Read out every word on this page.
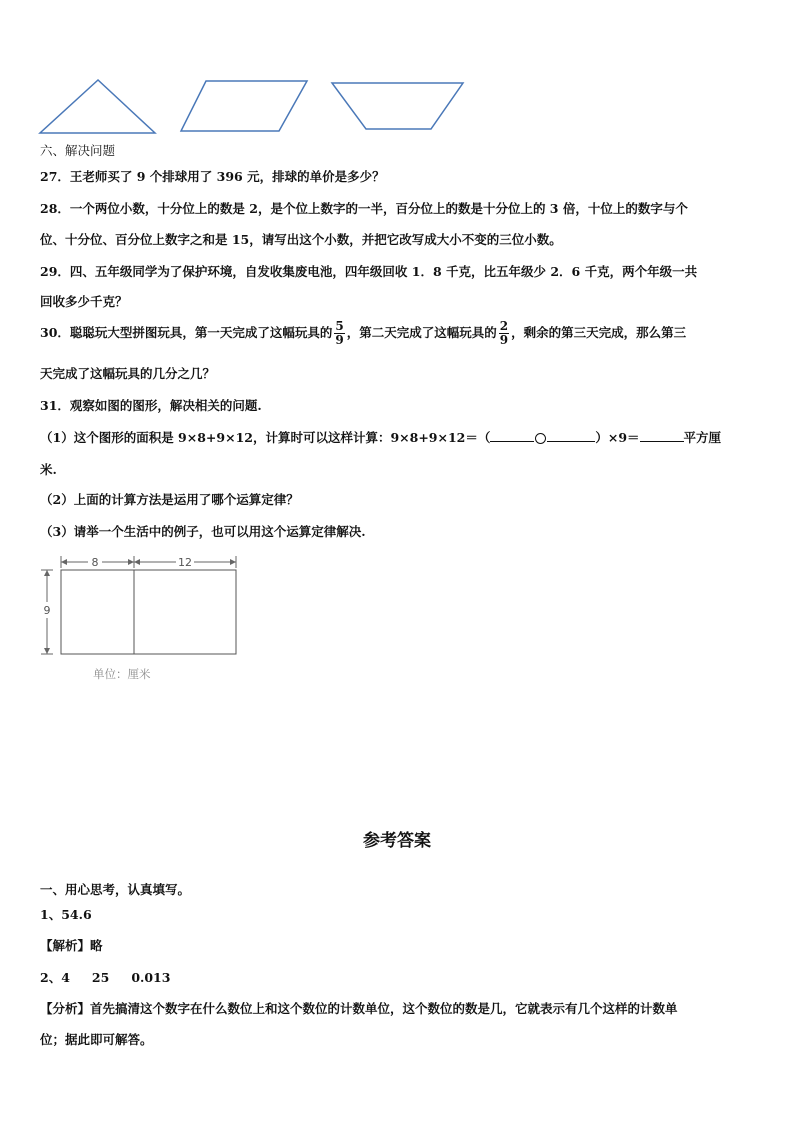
六、解决问题
27．王老师买了 9 个排球用了 396 元，排球的单价是多少？
28．一个两位小数，十分位上的数是 2，是个位上数字的一半，百分位上的数是十分位上的 3 倍，十位上的数字与个
位、十分位、百分位上数字之和是 15，请写出这个小数，并把它改写成大小不变的三位小数。
29．四、五年级同学为了保护环境，自发收集废电池，四年级回收 1．8 千克，比五年级少 2．6 千克，两个年级一共
回收多少千克？
30．聪聪玩大型拼图玩具，第一天完成了这幅玩具的 $\frac{5}{9}$ ，第二天完成了这幅玩具的 $\frac{2}{9}$ ，剩余的第三天完成，那么第三
天完成了这幅玩具的几分之几？
31．观察如图的图形，解决相关的问题.
（1）这个图形的面积是 9×8+9×12，计算时可以这样计算：9×8+9×12＝（	）×9＝	平方厘
米.
（2）上面的计算方法是运用了哪个运算定律？
（3）请举一个生活中的例子，也可以用这个运算定律解决.
8	12
9
单位：厘米
参考答案
一、用心思考，认真填写。
1、54.6
【解析】略
2、4 25 0.013
【分析】首先搞清这个数字在什么数位上和这个数位的计数单位，这个数位的数是几，它就表示有几个这样的计数单
位；据此即可解答。
